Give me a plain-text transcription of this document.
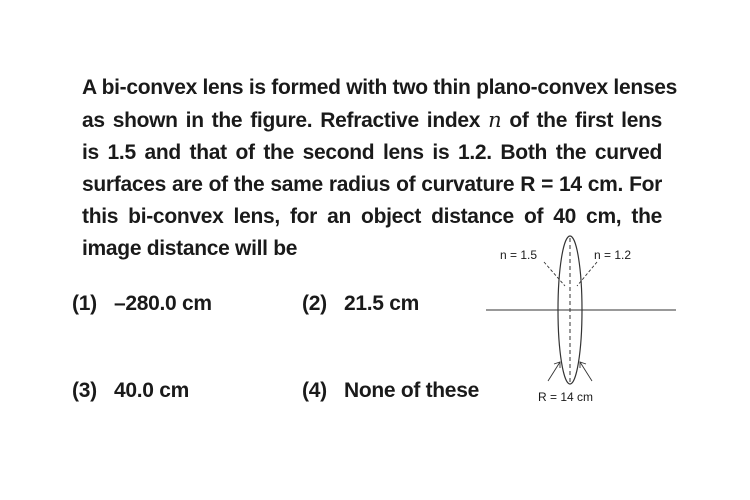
A bi-convex lens is formed with two thin plano-convex lenses
as shown in the figure. Refractive index n of the first lens
is 1.5 and that of the second lens is 1.2. Both the curved
surfaces are of the same radius of curvature R = 14 cm. For
this bi-convex lens, for an object distance of 40 cm, the
image distance will be
(1) –280.0 cm	(2) 21.5 cm
(3) 40.0 cm	(4) None of these
n = 1.5	n = 1.2
R = 14 cm
